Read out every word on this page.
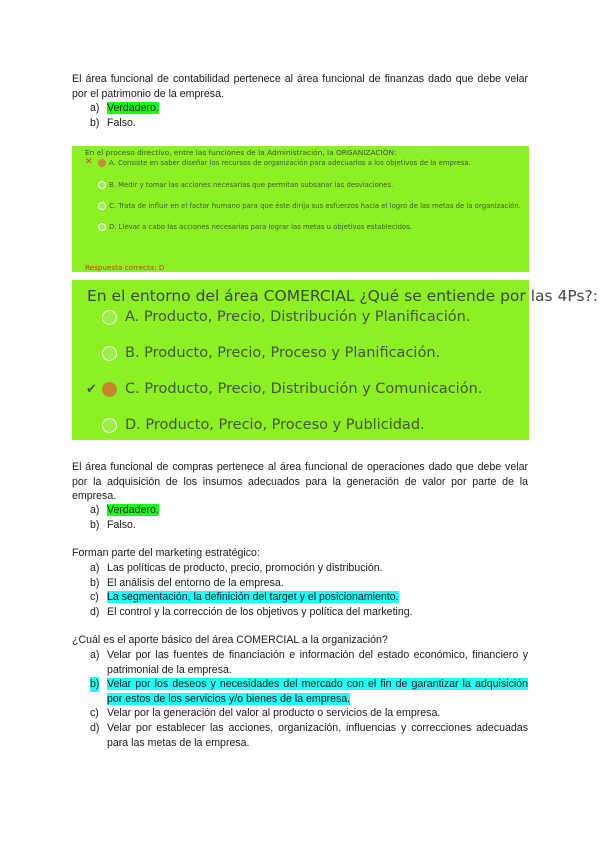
El área funcional de contabilidad pertenece al área funcional de finanzas dado que debe velar por el patrimonio de la empresa.
a) Verdadero.
b) Falso.
En el proceso directivo, entre las funciones de la Administración, la ORGANIZACIÓN:
✕	A. Consiste en saber diseñar los recursos de organización para adecuarlos a los objetivos de la empresa.
B. Medir y tomar las acciones necesarias que permitan subsanar las desviaciones.
C. Trata de influir en el factor humano para que éste dirija sus esfuerzos hacia el logro de las metas de la organización.
D. Llevar a cabo las acciones necesarias para lograr las metas u objetivos establecidos.
Respuesta correcta: D
En el entorno del área COMERCIAL ¿Qué se entiende por las 4Ps?:
A. Producto, Precio, Distribución y Planificación.
B. Producto, Precio, Proceso y Planificación.
✔	C. Producto, Precio, Distribución y Comunicación.
D. Producto, Precio, Proceso y Publicidad.
El área funcional de compras pertenece al área funcional de operaciones dado que debe velar por la adquisición de los insumos adecuados para la generación de valor por parte de la empresa.
a) Verdadero.
b) Falso.
Forman parte del marketing estratégico:
a) Las políticas de producto, precio, promoción y distribución.
b) El análisis del entorno de la empresa.
c) La segmentación, la definición del target y el posicionamiento.
d) El control y la corrección de los objetivos y política del marketing.
¿Cuál es el aporte básico del área COMERCIAL a la organización?
a) Velar por las fuentes de financiación e información del estado económico, financiero y patrimonial de la empresa.
b) Velar por los deseos y necesidades del mercado con el fin de garantizar la adquisición por estos de los servicios y/o bienes de la empresa.
c) Velar por la generación del valor al producto o servicios de la empresa.
d) Velar por establecer las acciones, organización, influencias y correcciones adecuadas para las metas de la empresa.
